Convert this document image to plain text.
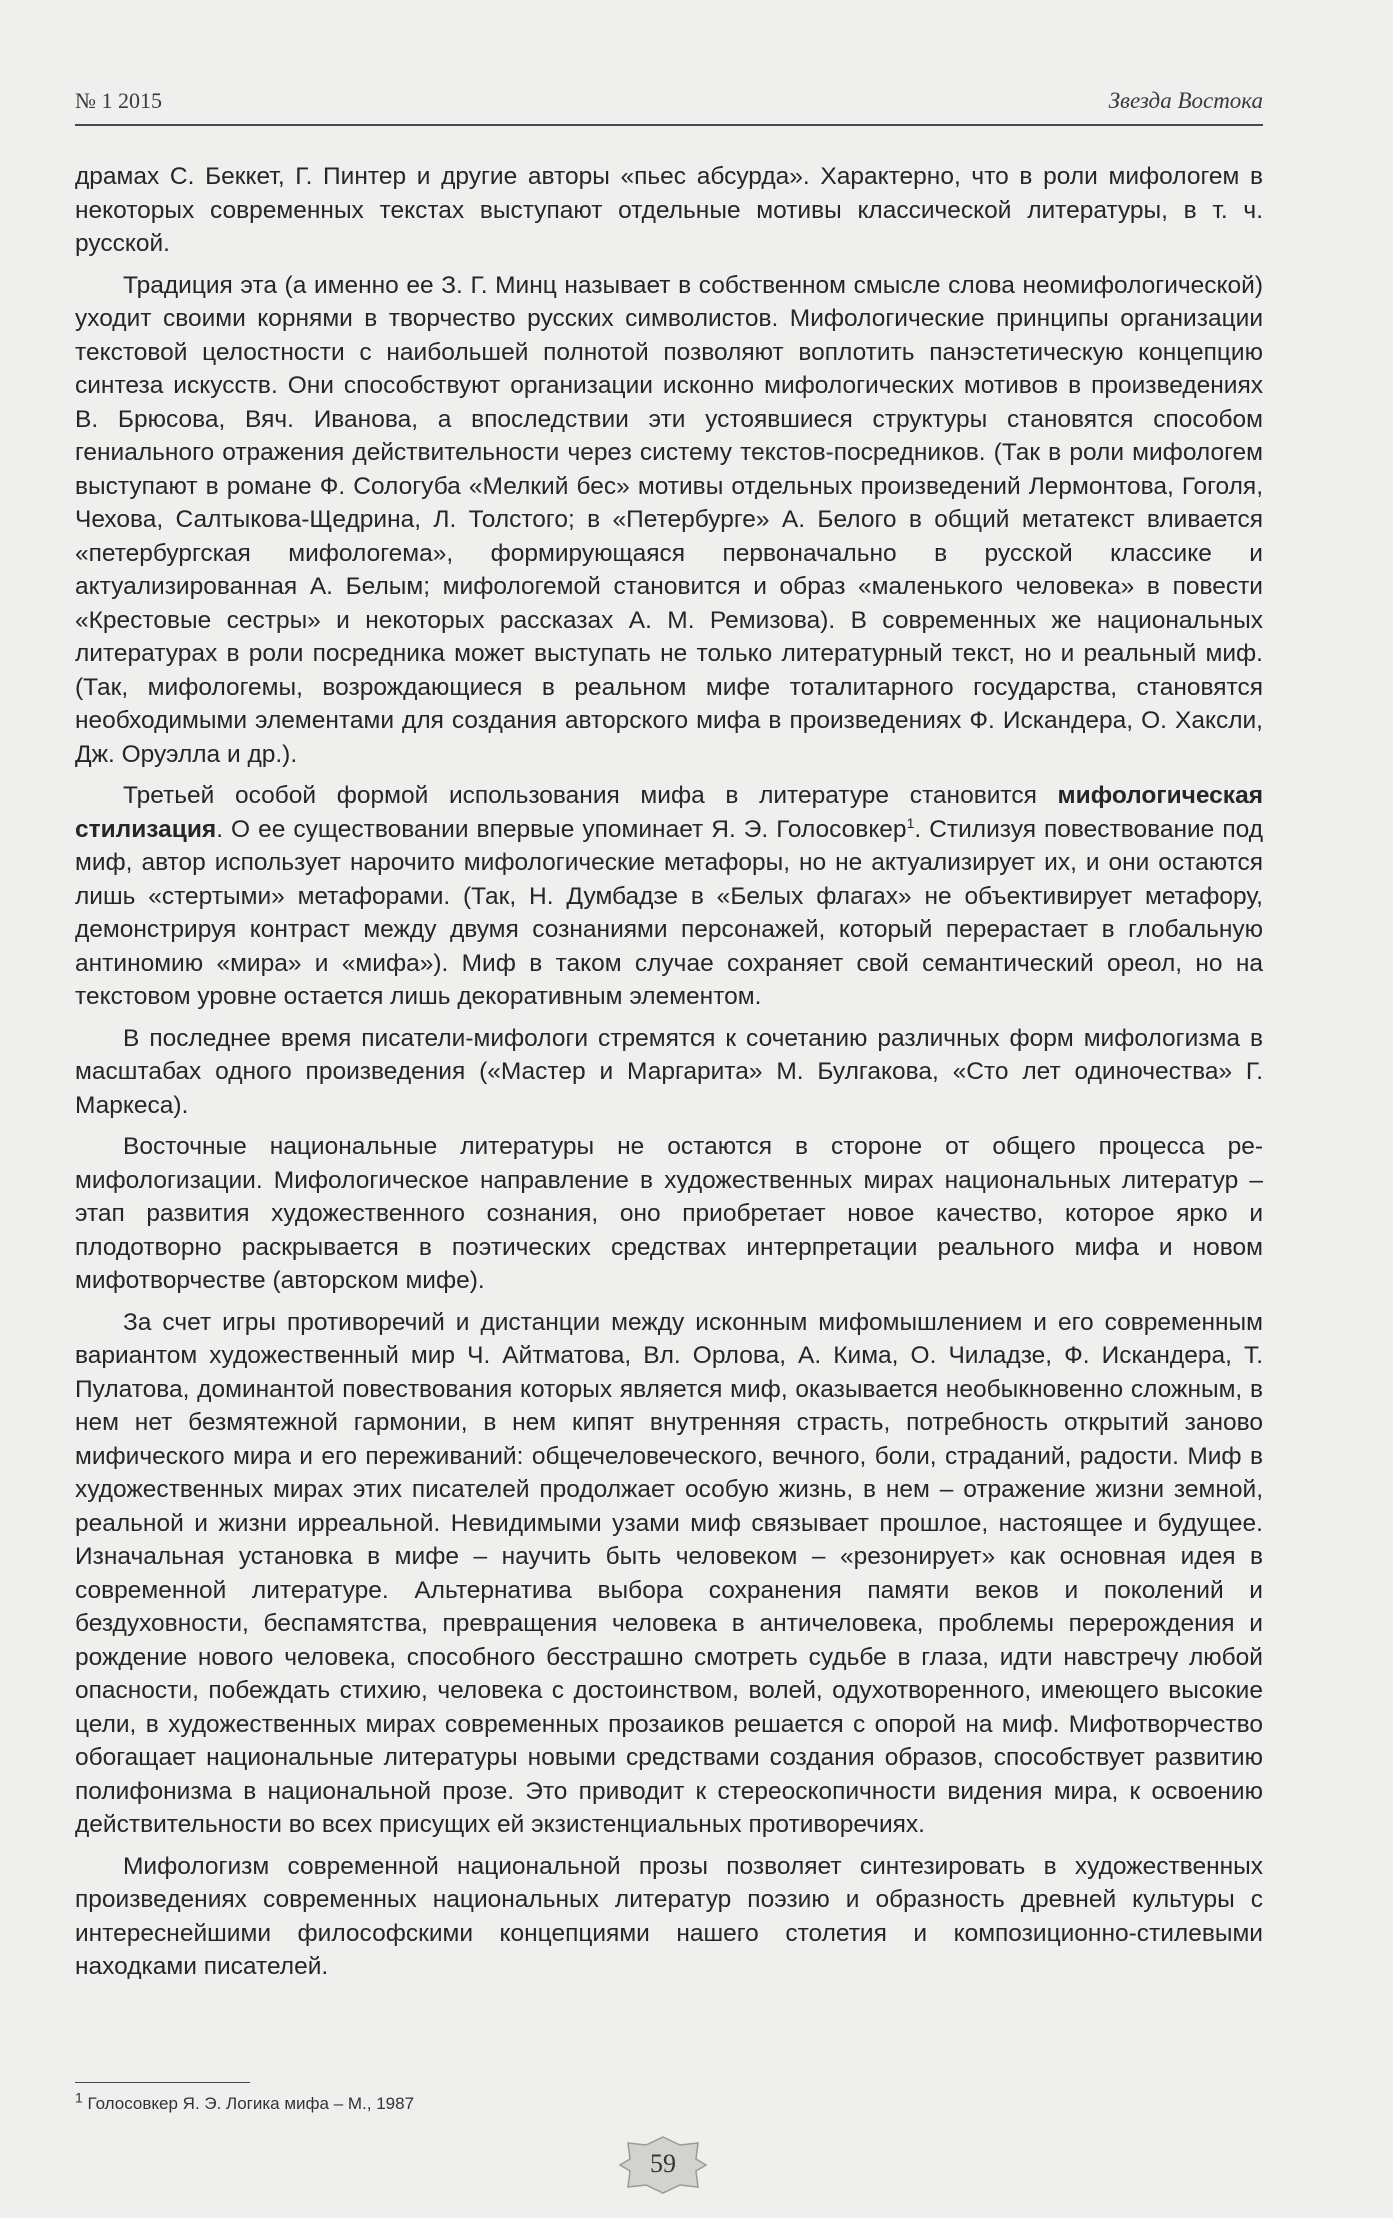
№ 1 2015	Звезда Востока

драмах С. Беккет, Г. Пинтер и другие авторы «пьес абсурда». Характерно, что в роли мифологем в некоторых современных текстах выступают отдельные мотивы классической литературы, в т. ч. русской.

Традиция эта (а именно ее З. Г. Минц называет в собственном смысле слова неомифологической) уходит своими корнями в творчество русских символистов. Мифологические принципы организации текстовой целостности с наибольшей полнотой позволяют воплотить панэстетическую концепцию синтеза искусств. Они способствуют организации исконно мифологических мотивов в произведениях В. Брюсова, Вяч. Иванова, а впоследствии эти устоявшиеся структуры становятся способом гениального отражения действительности через систему текстов-посредников. (Так в роли мифологем выступают в романе Ф. Сологуба «Мелкий бес» мотивы отдельных произведений Лермонтова, Гоголя, Чехова, Салтыкова-Щедрина, Л. Толстого; в «Петербурге» А. Белого в общий метатекст вливается «петербургская мифологема», формирующаяся первоначально в русской классике и актуализированная А. Белым; мифологемой становится и образ «маленького человека» в повести «Крестовые сестры» и некоторых рассказах А. М. Ремизова). В современных же национальных литературах в роли посредника может выступать не только литературный текст, но и реальный миф. (Так, мифологемы, возрождающиеся в реальном мифе тоталитарного государства, становятся необходимыми элементами для создания авторского мифа в произведениях Ф. Искандера, О. Хаксли, Дж. Оруэлла и др.).

Третьей особой формой использования мифа в литературе становится мифологическая стилизация. О ее существовании впервые упоминает Я. Э. Голосовкер$^1$. Стилизуя повествование под миф, автор использует нарочито мифологические метафоры, но не актуализирует их, и они остаются лишь «стертыми» метафорами. (Так, Н. Думбадзе в «Белых флагах» не объективирует метафору, демонстрируя контраст между двумя сознаниями персонажей, который перерастает в глобальную антиномию «мира» и «мифа»). Миф в таком случае сохраняет свой семантический ореол, но на текстовом уровне остается лишь декоративным элементом.

В последнее время писатели-мифологи стремятся к сочетанию различных форм мифологизма в масштабах одного произведения («Мастер и Маргарита» М. Булгакова, «Сто лет одиночества» Г. Маркеса).

Восточные национальные литературы не остаются в стороне от общего процесса ремифологизации. Мифологическое направление в художественных мирах национальных литератур – этап развития художественного сознания, оно приобретает новое качество, которое ярко и плодотворно раскрывается в поэтических средствах интерпретации реального мифа и новом мифотворчестве (авторском мифе).

За счет игры противоречий и дистанции между исконным мифомышлением и его современным вариантом художественный мир Ч. Айтматова, Вл. Орлова, А. Кима, О. Чиладзе, Ф. Искандера, Т. Пулатова, доминантой повествования которых является миф, оказывается необыкновенно сложным, в нем нет безмятежной гармонии, в нем кипят внутренняя страсть, потребность открытий заново мифического мира и его переживаний: общечеловеческого, вечного, боли, страданий, радости. Миф в художественных мирах этих писателей продолжает особую жизнь, в нем – отражение жизни земной, реальной и жизни ирреальной. Невидимыми узами миф связывает прошлое, настоящее и будущее. Изначальная установка в мифе – научить быть человеком – «резонирует» как основная идея в современной литературе. Альтернатива выбора сохранения памяти веков и поколений и бездуховности, беспамятства, превращения человека в античеловека, проблемы перерождения и рождение нового человека, способного бесстрашно смотреть судьбе в глаза, идти навстречу любой опасности, побеждать стихию, человека с достоинством, волей, одухотворенного, имеющего высокие цели, в художественных мирах современных прозаиков решается с опорой на миф. Мифотворчество обогащает национальные литературы новыми средствами создания образов, способствует развитию полифонизма в национальной прозе. Это приводит к стереоскопичности видения мира, к освоению действительности во всех присущих ей экзистенциальных противоречиях.

Мифологизм современной национальной прозы позволяет синтезировать в художественных произведениях современных национальных литератур поэзию и образность древней культуры с интереснейшими философскими концепциями нашего столетия и композиционно-стилевыми находками писателей.

$^1$ Голосовкер Я. Э. Логика мифа – М., 1987
59
